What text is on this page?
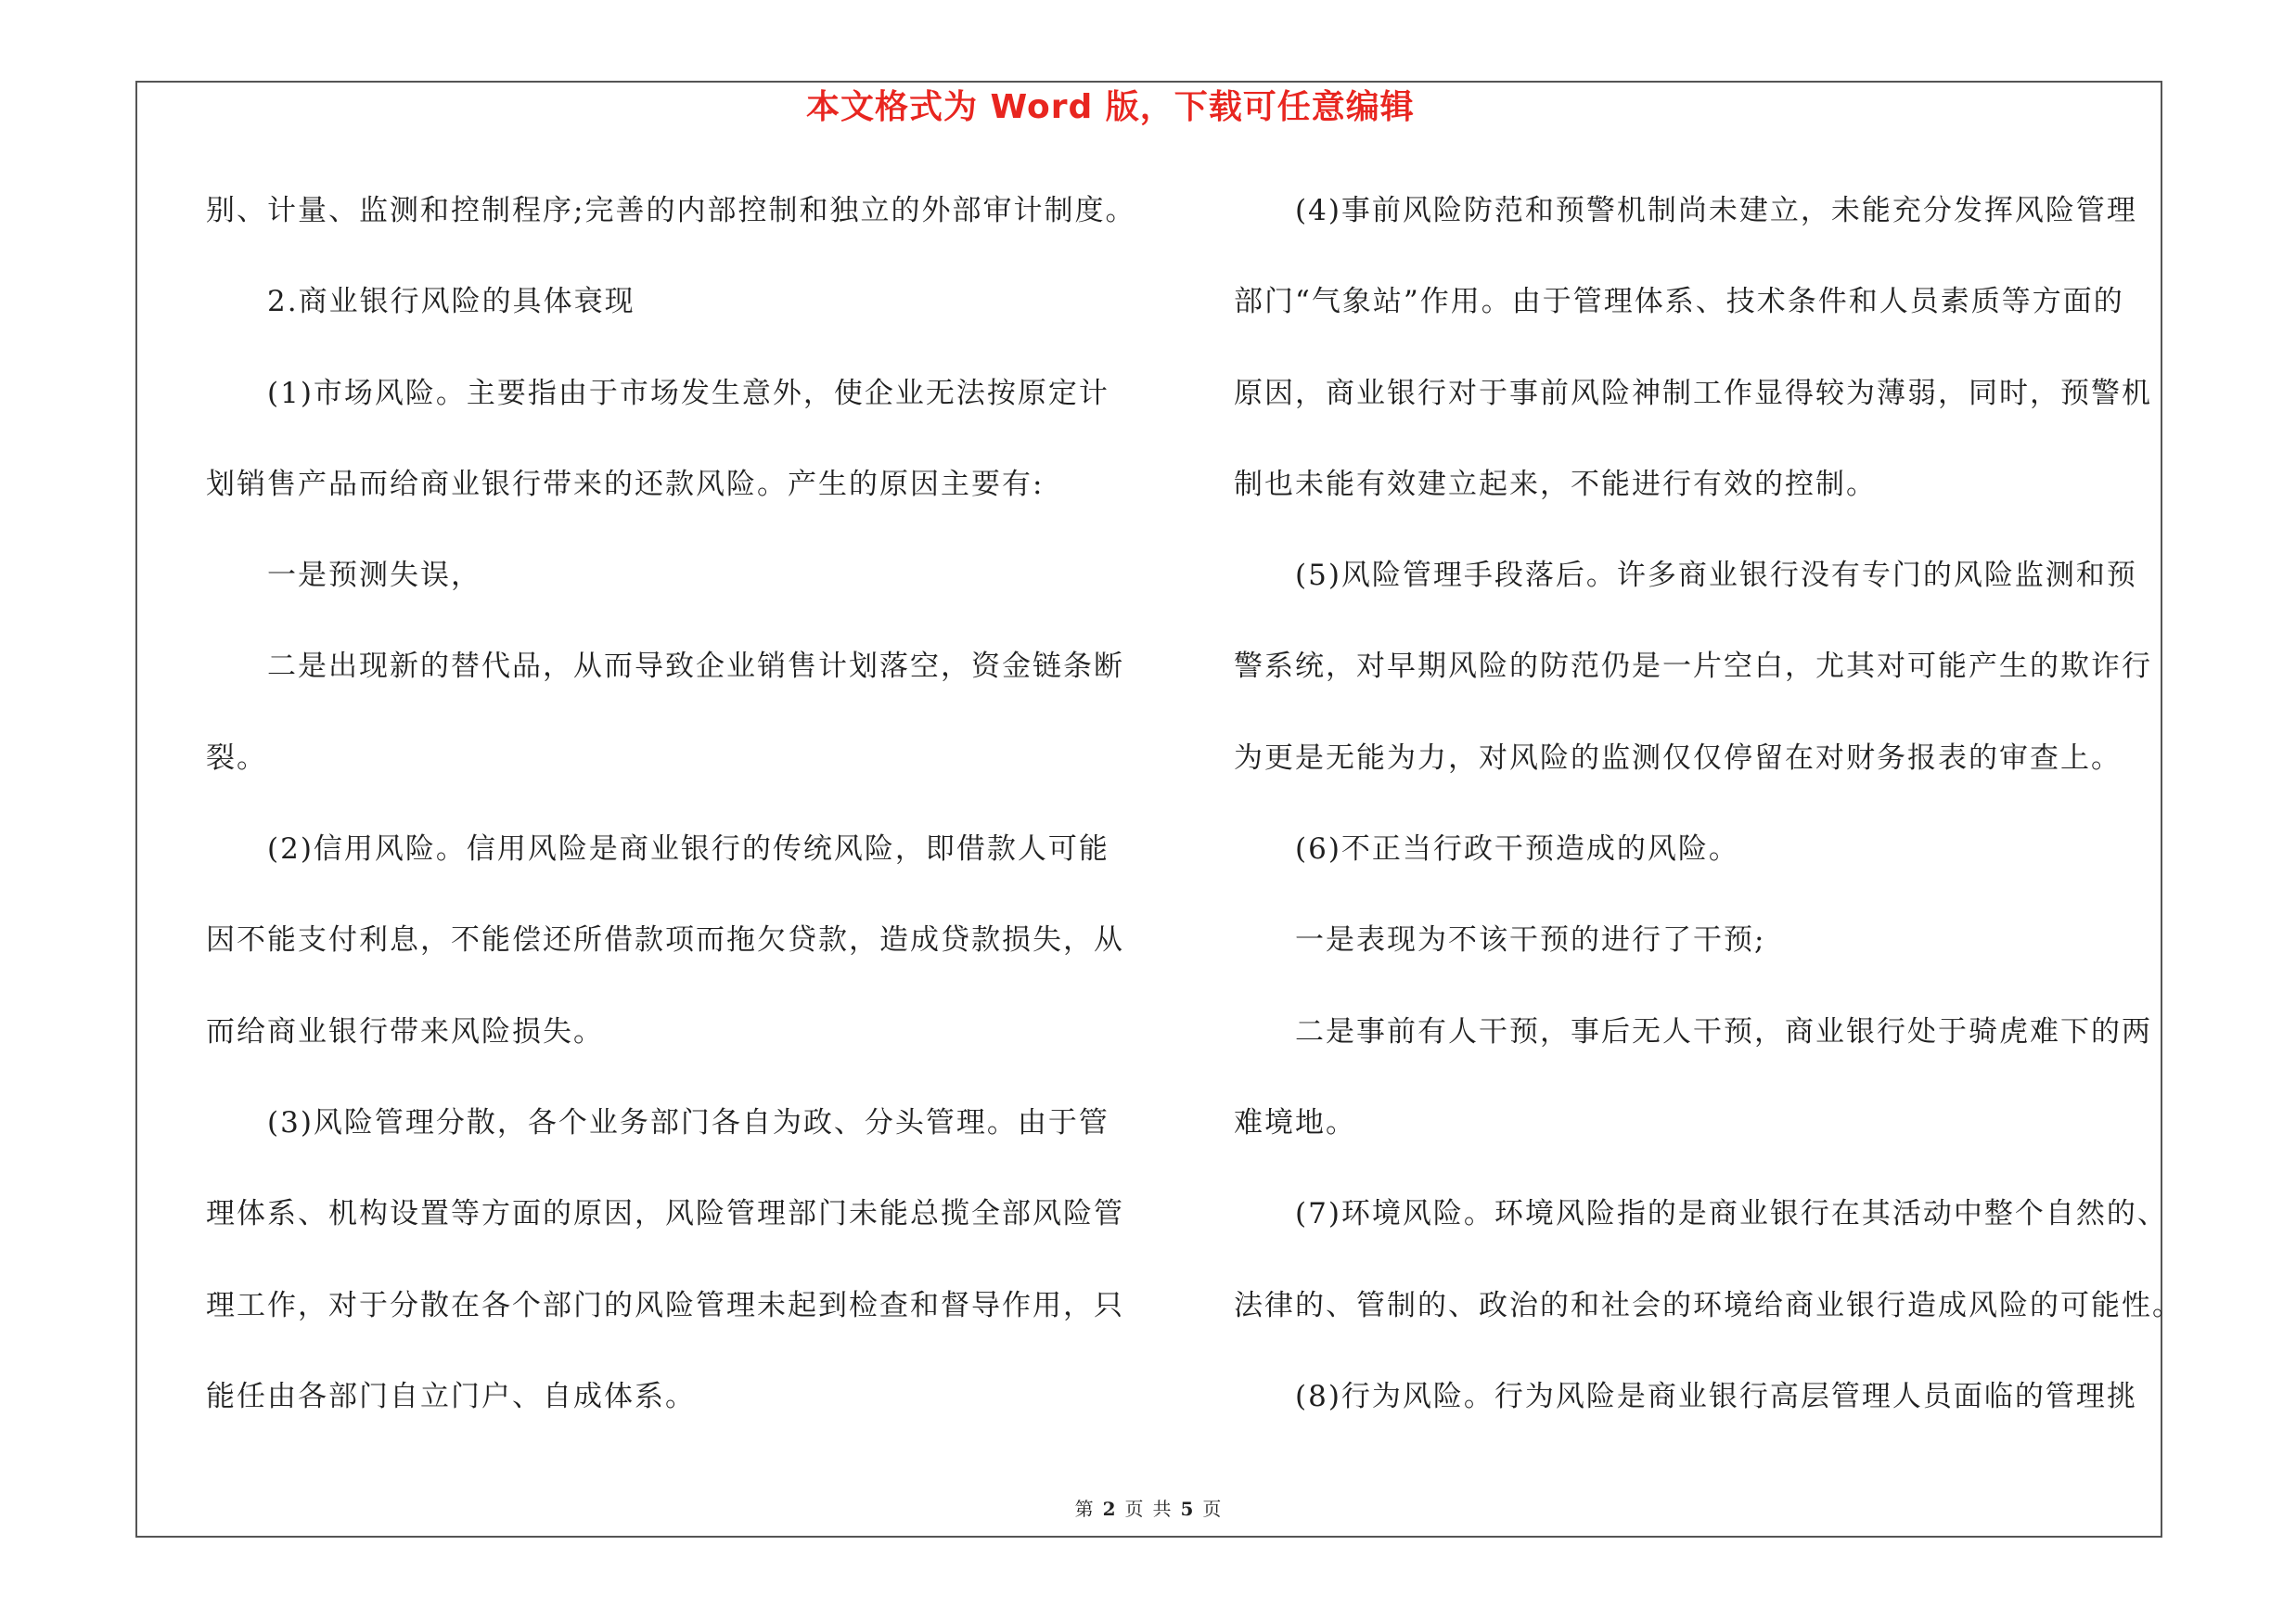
本文格式为 Word 版，下载可任意编辑
别、计量、监测和控制程序;完善的内部控制和独立的外部审计制度。
2.商业银行风险的具体衰现
(1)市场风险。主要指由于市场发生意外，使企业无法按原定计
划销售产品而给商业银行带来的还款风险。产生的原因主要有:
一是预测失误，
二是出现新的替代品，从而导致企业销售计划落空，资金链条断
裂。
(2)信用风险。信用风险是商业银行的传统风险，即借款人可能
因不能支付利息，不能偿还所借款项而拖欠贷款，造成贷款损失，从
而给商业银行带来风险损失。
(3)风险管理分散，各个业务部门各自为政、分头管理。由于管
理体系、机构设置等方面的原因，风险管理部门未能总揽全部风险管
理工作，对于分散在各个部门的风险管理未起到检查和督导作用，只
能任由各部门自立门户、自成体系。
(4)事前风险防范和预警机制尚未建立，未能充分发挥风险管理
部门“气象站”作用。由于管理体系、技术条件和人员素质等方面的
原因，商业银行对于事前风险神制工作显得较为薄弱，同时，预警机
制也未能有效建立起来，不能进行有效的控制。
(5)风险管理手段落后。许多商业银行没有专门的风险监测和预
警系统，对早期风险的防范仍是一片空白，尤其对可能产生的欺诈行
为更是无能为力，对风险的监测仅仅停留在对财务报表的审查上。
(6)不正当行政干预造成的风险。
一是表现为不该干预的进行了干预;
二是事前有人干预，事后无人干预，商业银行处于骑虎难下的两
难境地。
(7)环境风险。环境风险指的是商业银行在其活动中整个自然的、
法律的、管制的、政治的和社会的环境给商业银行造成风险的可能性。
(8)行为风险。行为风险是商业银行高层管理人员面临的管理挑
第 2 页 共 5 页
